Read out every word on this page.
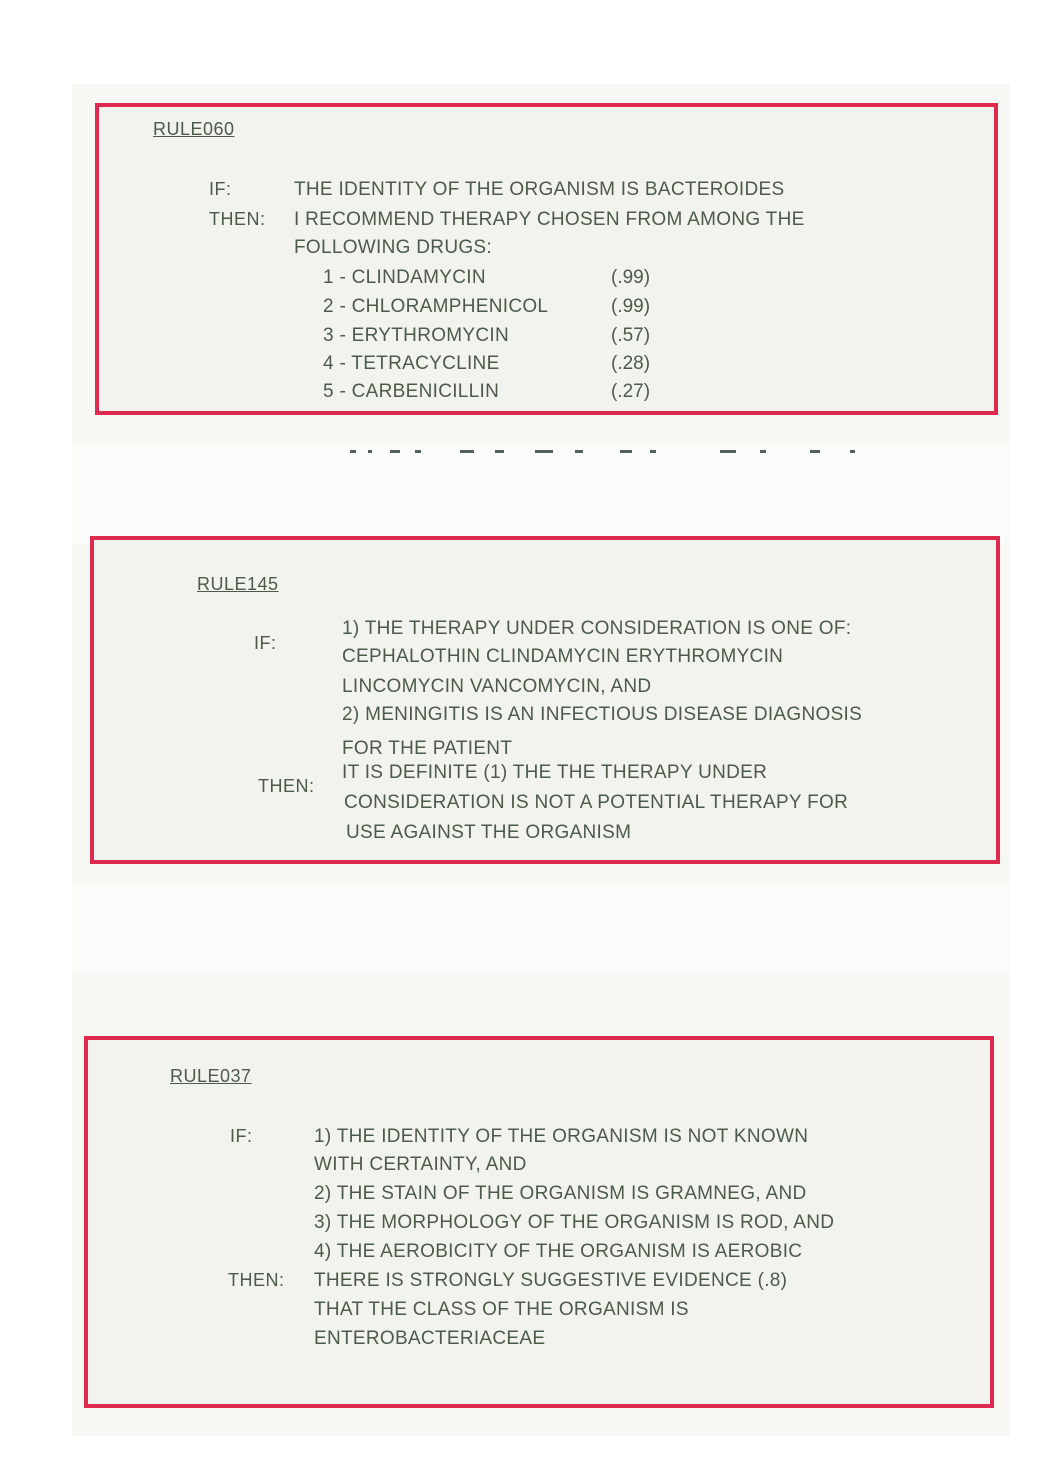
RULE060
IF:	THE IDENTITY OF THE ORGANISM IS BACTEROIDES
THEN: I RECOMMEND THERAPY CHOSEN FROM AMONG THE
FOLLOWING DRUGS:
1 - CLINDAMYCIN	(.99)
2 - CHLORAMPHENICOL	(.99)
3 - ERYTHROMYCIN	(.57)
4 - TETRACYCLINE	(.28)
5 - CARBENICILLIN	(.27)
RULE145
IF:
1) THE THERAPY UNDER CONSIDERATION IS ONE OF:
CEPHALOTHIN CLINDAMYCIN ERYTHROMYCIN
LINCOMYCIN VANCOMYCIN, AND
2) MENINGITIS IS AN INFECTIOUS DISEASE DIAGNOSIS
FOR THE PATIENT
THEN:
IT IS DEFINITE (1) THE THE THERAPY UNDER
CONSIDERATION IS NOT A POTENTIAL THERAPY FOR
USE AGAINST THE ORGANISM
RULE037
IF:	1) THE IDENTITY OF THE ORGANISM IS NOT KNOWN
WITH CERTAINTY, AND
2) THE STAIN OF THE ORGANISM IS GRAMNEG, AND
3) THE MORPHOLOGY OF THE ORGANISM IS ROD, AND
4) THE AEROBICITY OF THE ORGANISM IS AEROBIC
THEN: THERE IS STRONGLY SUGGESTIVE EVIDENCE (.8)
THAT THE CLASS OF THE ORGANISM IS
ENTEROBACTERIACEAE
